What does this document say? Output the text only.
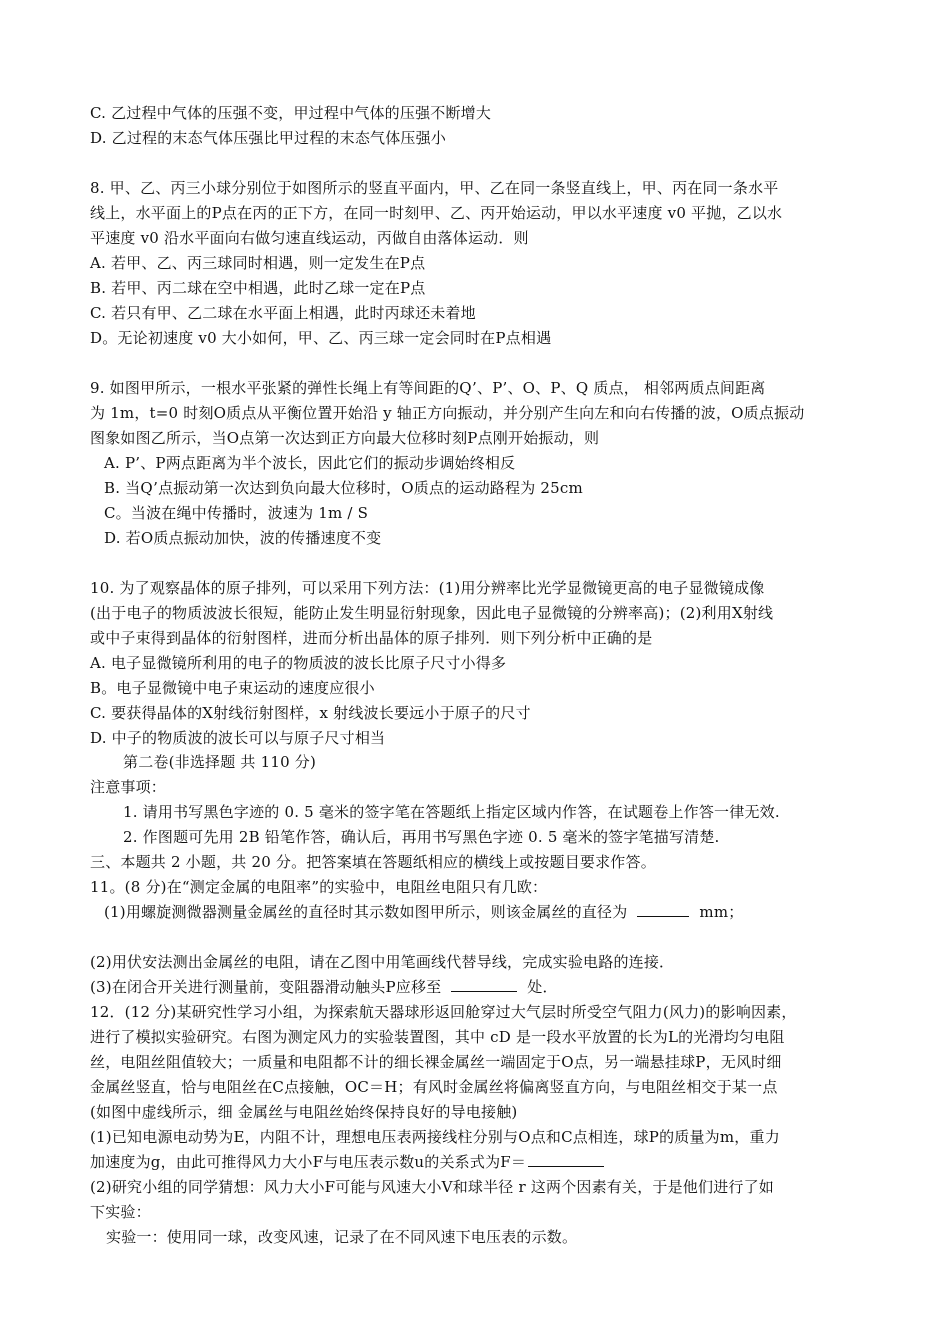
C. 乙过程中气体的压强不变，甲过程中气体的压强不断增大
D. 乙过程的末态气体压强比甲过程的末态气体压强小
8. 甲、乙、丙三小球分别位于如图所示的竖直平面内，甲、乙在同一条竖直线上，甲、丙在同一条水平
线上，水平面上的P点在丙的正下方，在同一时刻甲、乙、丙开始运动，甲以水平速度 v0 平抛，乙以水
平速度 v0 沿水平面向右做匀速直线运动，丙做自由落体运动．则
A. 若甲、乙、丙三球同时相遇，则一定发生在P点
B. 若甲、丙二球在空中相遇，此时乙球一定在P点
C. 若只有甲、乙二球在水平面上相遇，此时丙球还未着地
D。无论初速度 v0 大小如何，甲、乙、丙三球一定会同时在P点相遇
9. 如图甲所示，一根水平张紧的弹性长绳上有等间距的Q’、P’、O、P、Q 质点， 相邻两质点间距离
为 1m，t=0 时刻O质点从平衡位置开始沿 y 轴正方向振动，并分别产生向左和向右传播的波，O质点振动
图象如图乙所示，当O点第一次达到正方向最大位移时刻P点刚开始振动，则
A. P’、P两点距离为半个波长，因此它们的振动步调始终相反
B. 当Q’点振动第一次达到负向最大位移时，O质点的运动路程为 25cm
C。当波在绳中传播时，波速为 1m / S
D. 若O质点振动加快，波的传播速度不变
10. 为了观察晶体的原子排列，可以采用下列方法：(1)用分辨率比光学显微镜更高的电子显微镜成像
(出于电子的物质波波长很短，能防止发生明显衍射现象，因此电子显微镜的分辨率高)；(2)利用X射线
或中子束得到晶体的衍射图样，进而分析出晶体的原子排列．则下列分析中正确的是
A. 电子显微镜所利用的电子的物质波的波长比原子尺寸小得多
B。电子显微镜中电子束运动的速度应很小
C. 要获得晶体的X射线衍射图样，x 射线波长要远小于原子的尺寸
D. 中子的物质波的波长可以与原子尺寸相当
第二卷(非选择题 共 110 分)
注意事项：
1. 请用书写黑色字迹的 0. 5 毫米的签字笔在答题纸上指定区域内作答，在试题卷上作答一律无效.
2. 作图题可先用 2B 铅笔作答，确认后，再用书写黑色字迹 0. 5 毫米的签字笔描写清楚.
三、本题共 2 小题，共 20 分。把答案填在答题纸相应的横线上或按题目要求作答。
11。(8 分)在“测定金属的电阻率”的实验中，电阻丝电阻只有几欧：
(1)用螺旋测微器测量金属丝的直径时其示数如图甲所示，则该金属丝的直径为	mm；
(2)用伏安法测出金属丝的电阻，请在乙图中用笔画线代替导线，完成实验电路的连接．
(3)在闭合开关进行测量前，变阻器滑动触头P应移至	处．
12．(12 分)某研究性学习小组，为探索航天器球形返回舱穿过大气层时所受空气阻力(风力)的影响因素，
进行了模拟实验研究。右图为测定风力的实验装置图，其中 cD 是一段水平放置的长为L的光滑均匀电阻
丝，电阻丝阻值较大；一质量和电阻都不计的细长裸金属丝一端固定于O点，另一端悬挂球P，无风时细
金属丝竖直，恰与电阻丝在C点接触，OC＝H；有风时金属丝将偏离竖直方向，与电阻丝相交于某一点
(如图中虚线所示，细 金属丝与电阻丝始终保持良好的导电接触)
(1)已知电源电动势为E，内阻不计，理想电压表两接线柱分别与O点和C点相连，球P的质量为m，重力
加速度为g，由此可推得风力大小F与电压表示数u的关系式为F＝
(2)研究小组的同学猜想：风力大小F可能与风速大小V和球半径 r 这两个因素有关，于是他们进行了如
下实验：
实验一：使用同一球，改变风速，记录了在不同风速下电压表的示数。
